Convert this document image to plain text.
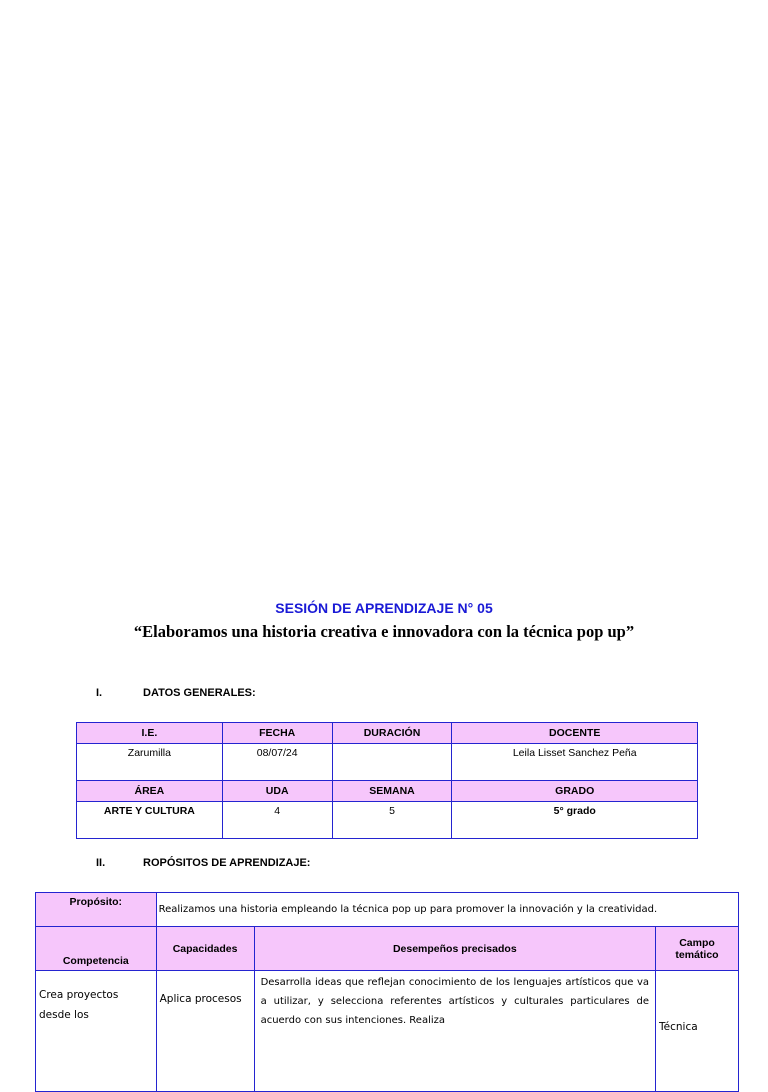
SESIÓN DE APRENDIZAJE N° 05
“Elaboramos una historia creativa e innovadora con la técnica pop up”
I.	DATOS GENERALES:
I.E.	FECHA	DURACIÓN	DOCENTE
Zarumilla	08/07/24		Leila Lisset Sanchez Peña
ÁREA	UDA	SEMANA	GRADO
ARTE Y CULTURA	4	5	5° grado
II.	ROPÓSITOS DE APRENDIZAJE:
Propósito:	Realizamos una historia empleando la técnica pop up para promover la innovación y la creatividad.		
Competencia	Capacidades	Desempeños precisados	Campo temático
Crea proyectos desde los	Aplica procesos	Desarrolla ideas que reflejan conocimiento de los lenguajes artísticos que va a utilizar, y selecciona referentes artísticos y culturales particulares de acuerdo con sus intenciones. Realiza	Técnica
